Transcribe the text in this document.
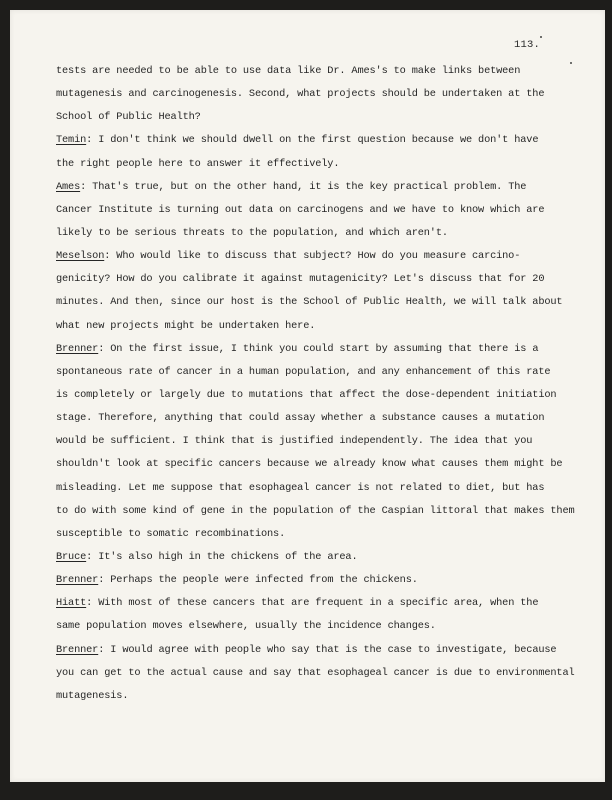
113.
tests are needed to be able to use data like Dr. Ames's to make links between
mutagenesis and carcinogenesis. Second, what projects should be undertaken at the
School of Public Health?
Temin: I don't think we should dwell on the first question because we don't have
the right people here to answer it effectively.
Ames: That's true, but on the other hand, it is the key practical problem. The
Cancer Institute is turning out data on carcinogens and we have to know which are
likely to be serious threats to the population, and which aren't.
Meselson: Who would like to discuss that subject? How do you measure carcino-
genicity? How do you calibrate it against mutagenicity? Let's discuss that for 20
minutes. And then, since our host is the School of Public Health, we will talk about
what new projects might be undertaken here.
Brenner: On the first issue, I think you could start by assuming that there is a
spontaneous rate of cancer in a human population, and any enhancement of this rate
is completely or largely due to mutations that affect the dose-dependent initiation
stage. Therefore, anything that could assay whether a substance causes a mutation
would be sufficient. I think that is justified independently. The idea that you
shouldn't look at specific cancers because we already know what causes them might be
misleading. Let me suppose that esophageal cancer is not related to diet, but has
to do with some kind of gene in the population of the Caspian littoral that makes them
susceptible to somatic recombinations.
Bruce: It's also high in the chickens of the area.
Brenner: Perhaps the people were infected from the chickens.
Hiatt: With most of these cancers that are frequent in a specific area, when the
same population moves elsewhere, usually the incidence changes.
Brenner: I would agree with people who say that is the case to investigate, because
you can get to the actual cause and say that esophageal cancer is due to environmental
mutagenesis.
